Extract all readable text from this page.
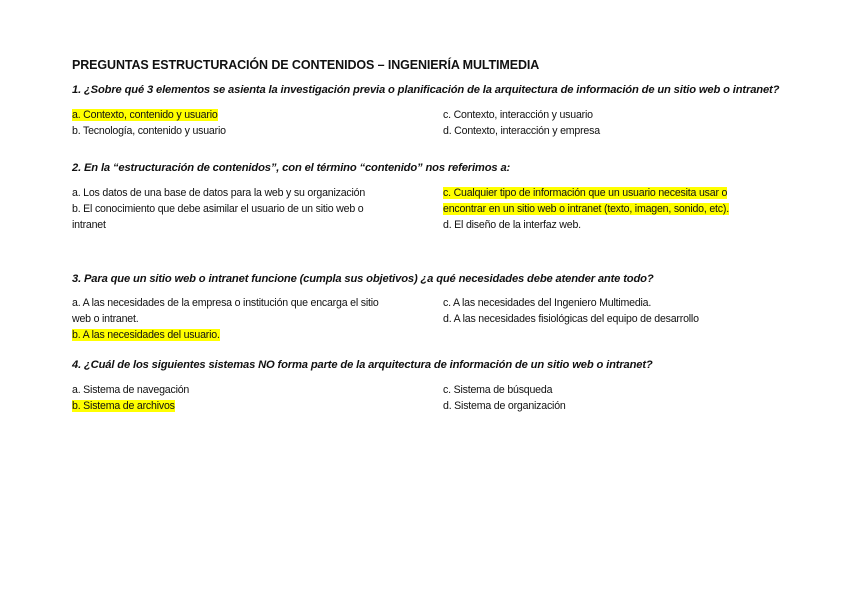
PREGUNTAS ESTRUCTURACIÓN DE CONTENIDOS – INGENIERÍA MULTIMEDIA
1. ¿Sobre qué 3 elementos se asienta la investigación previa o planificación de la arquitectura de información de un sitio web o intranet?
a. Contexto, contenido y usuario
b. Tecnología, contenido y usuario
c. Contexto, interacción y usuario
d. Contexto, interacción y empresa
2. En la “estructuración de contenidos”, con el término “contenido” nos referimos a:
a. Los datos de una base de datos para la web y su organización
b. El conocimiento que debe asimilar el usuario de un sitio web o
intranet
c. Cualquier tipo de información que un usuario necesita usar o
encontrar en un sitio web o intranet (texto, imagen, sonido, etc).
d. El diseño de la interfaz web.
3. Para que un sitio web o intranet funcione (cumpla sus objetivos) ¿a qué necesidades debe atender ante todo?
a. A las necesidades de la empresa o institución que encarga el sitio
web o intranet.
b. A las necesidades del usuario.
c. A las necesidades del Ingeniero Multimedia.
d. A las necesidades fisiológicas del equipo de desarrollo
4. ¿Cuál de los siguientes sistemas NO forma parte de la arquitectura de información de un sitio web o intranet?
a. Sistema de navegación
b. Sistema de archivos
c. Sistema de búsqueda
d. Sistema de organización
